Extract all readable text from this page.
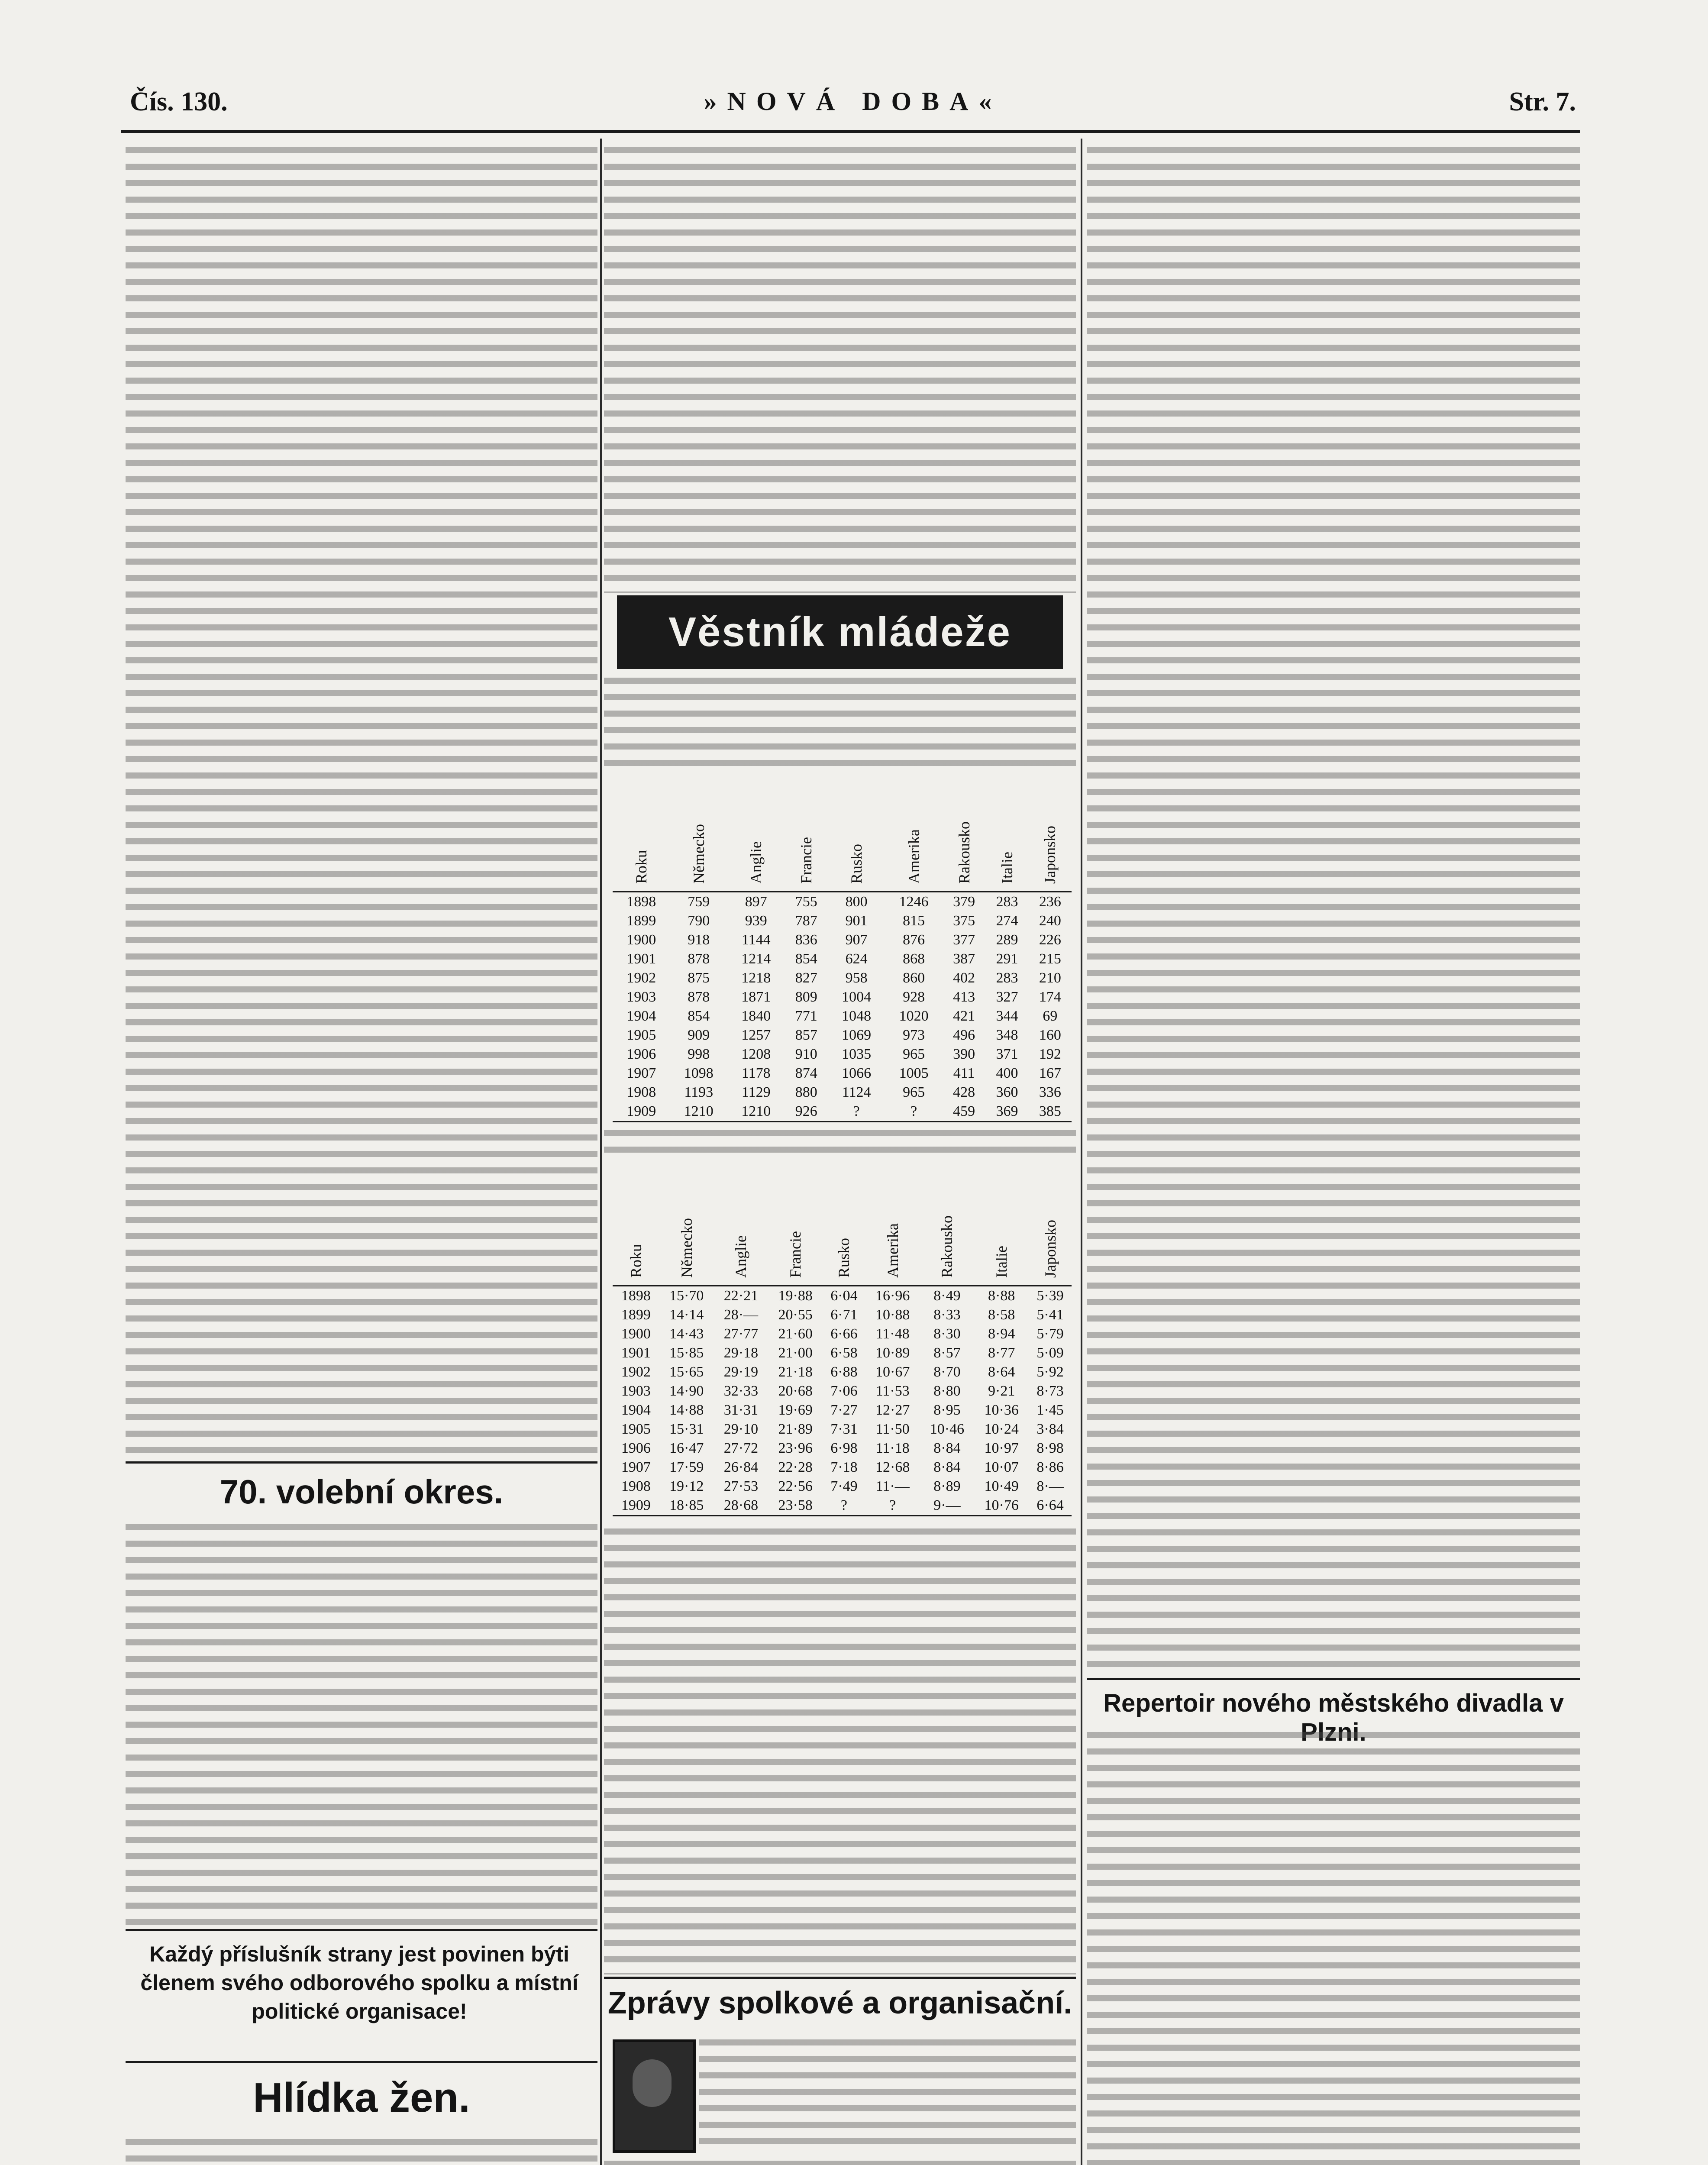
Čís. 130.	»NOVÁ DOBA«	Str. 7.
70. volební okres.
Každý příslušník strany jest povinen býti členem svého odborového spolku a místní politické organisace!
Hlídka žen.
Věstník mládeže
Roku	Německo	Anglie	Francie	Rusko	Amerika	Rakousko	Italie	Japonsko
1898	759	897	755	800	1246	379	283	236
1899	790	939	787	901	815	375	274	240
1900	918	1144	836	907	876	377	289	226
1901	878	1214	854	624	868	387	291	215
1902	875	1218	827	958	860	402	283	210
1903	878	1871	809	1004	928	413	327	174
1904	854	1840	771	1048	1020	421	344	69
1905	909	1257	857	1069	973	496	348	160
1906	998	1208	910	1035	965	390	371	192
1907	1098	1178	874	1066	1005	411	400	167
1908	1193	1129	880	1124	965	428	360	336
1909	1210	1210	926	?	?	459	369	385
Roku	Německo	Anglie	Francie	Rusko	Amerika	Rakousko	Italie	Japonsko
1898	15·70	22·21	19·88	6·04	16·96	8·49	8·88	5·39
1899	14·14	28·—	20·55	6·71	10·88	8·33	8·58	5·41
1900	14·43	27·77	21·60	6·66	11·48	8·30	8·94	5·79
1901	15·85	29·18	21·00	6·58	10·89	8·57	8·77	5·09
1902	15·65	29·19	21·18	6·88	10·67	8·70	8·64	5·92
1903	14·90	32·33	20·68	7·06	11·53	8·80	9·21	8·73
1904	14·88	31·31	19·69	7·27	12·27	8·95	10·36	1·45
1905	15·31	29·10	21·89	7·31	11·50	10·46	10·24	3·84
1906	16·47	27·72	23·96	6·98	11·18	8·84	10·97	8·98
1907	17·59	26·84	22·28	7·18	12·68	8·84	10·07	8·86
1908	19·12	27·53	22·56	7·49	11·—	8·89	10·49	8·—
1909	18·85	28·68	23·58	?	?	9·—	10·76	6·64
Zprávy spolkové a organisační.
Repertoir nového městského divadla v Plzni.
